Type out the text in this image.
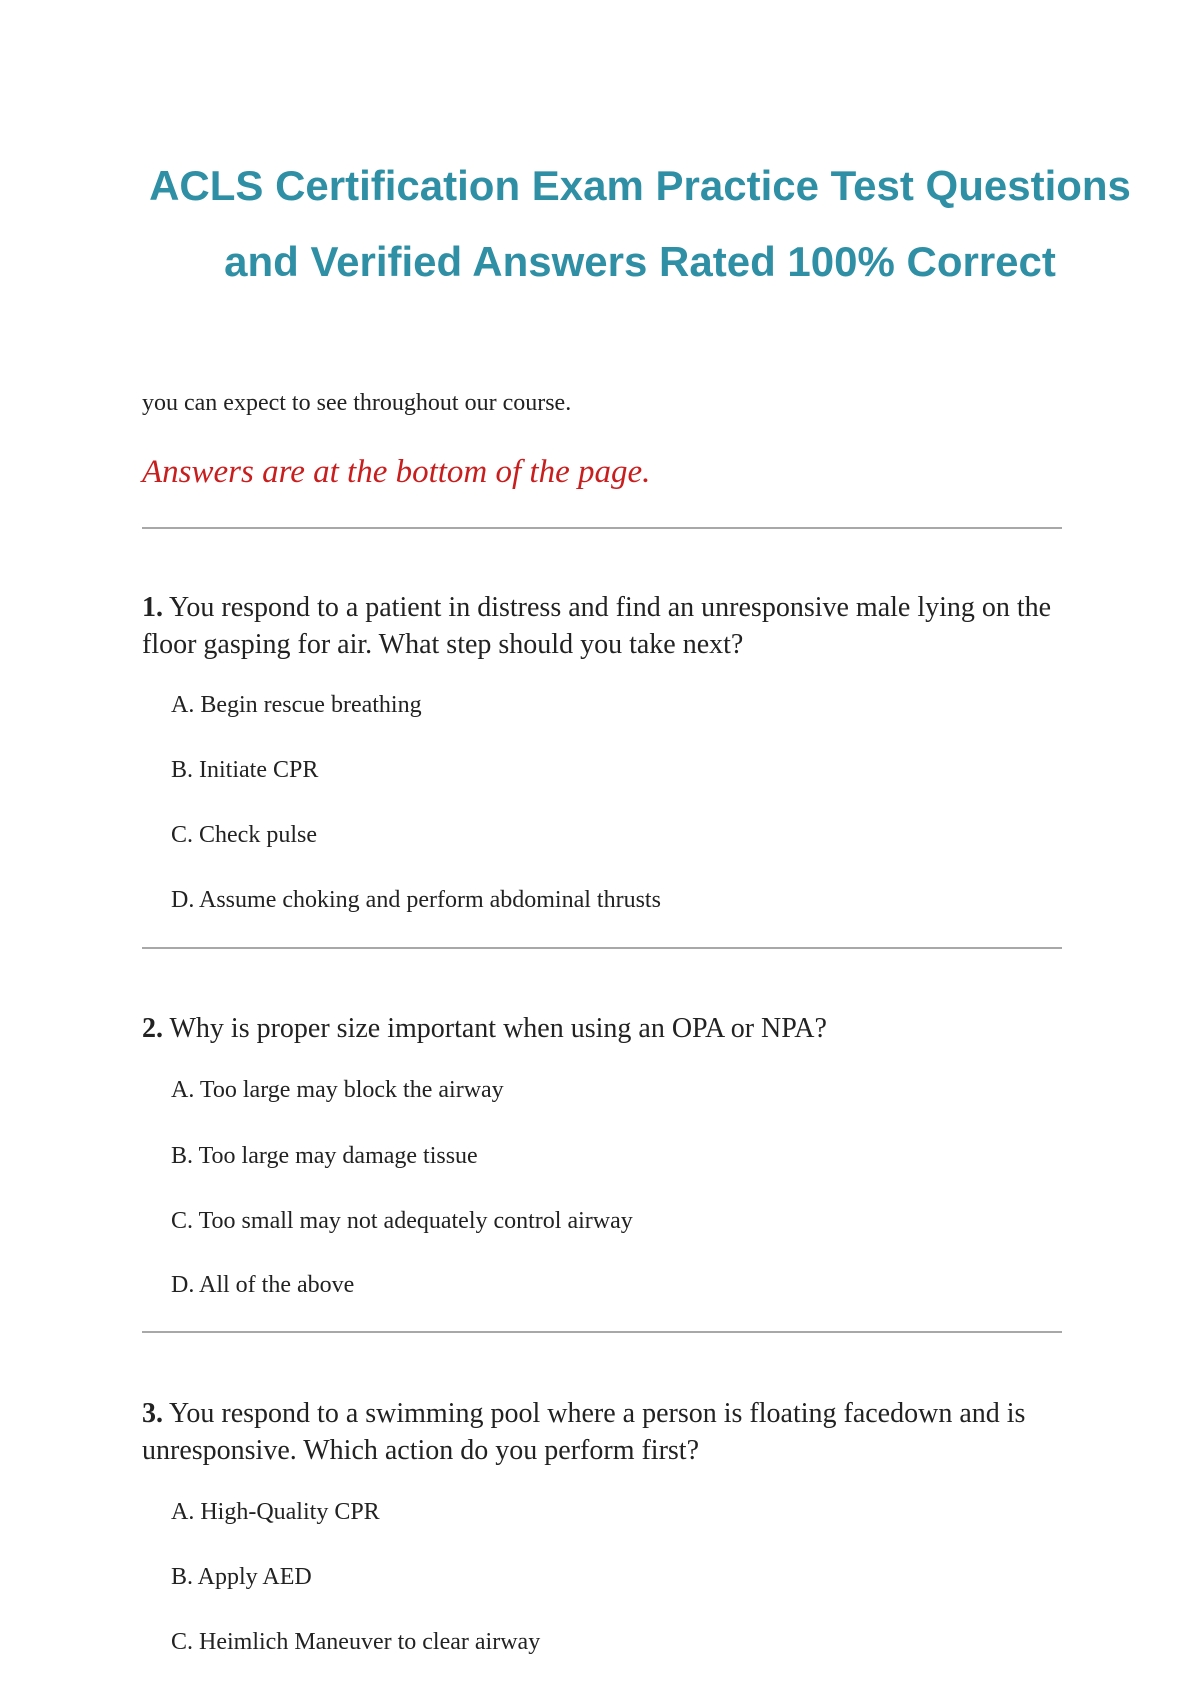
ACLS Certification Exam Practice Test Questions
and Verified Answers Rated 100% Correct
you can expect to see throughout our course.
Answers are at the bottom of the page.
1. You respond to a patient in distress and find an unresponsive male lying on the floor gasping for air. What step should you take next?
A. Begin rescue breathing
B. Initiate CPR
C. Check pulse
D. Assume choking and perform abdominal thrusts
2. Why is proper size important when using an OPA or NPA?
A. Too large may block the airway
B. Too large may damage tissue
C. Too small may not adequately control airway
D. All of the above
3. You respond to a swimming pool where a person is floating facedown and is unresponsive. Which action do you perform first?
A. High-Quality CPR
B. Apply AED
C. Heimlich Maneuver to clear airway
